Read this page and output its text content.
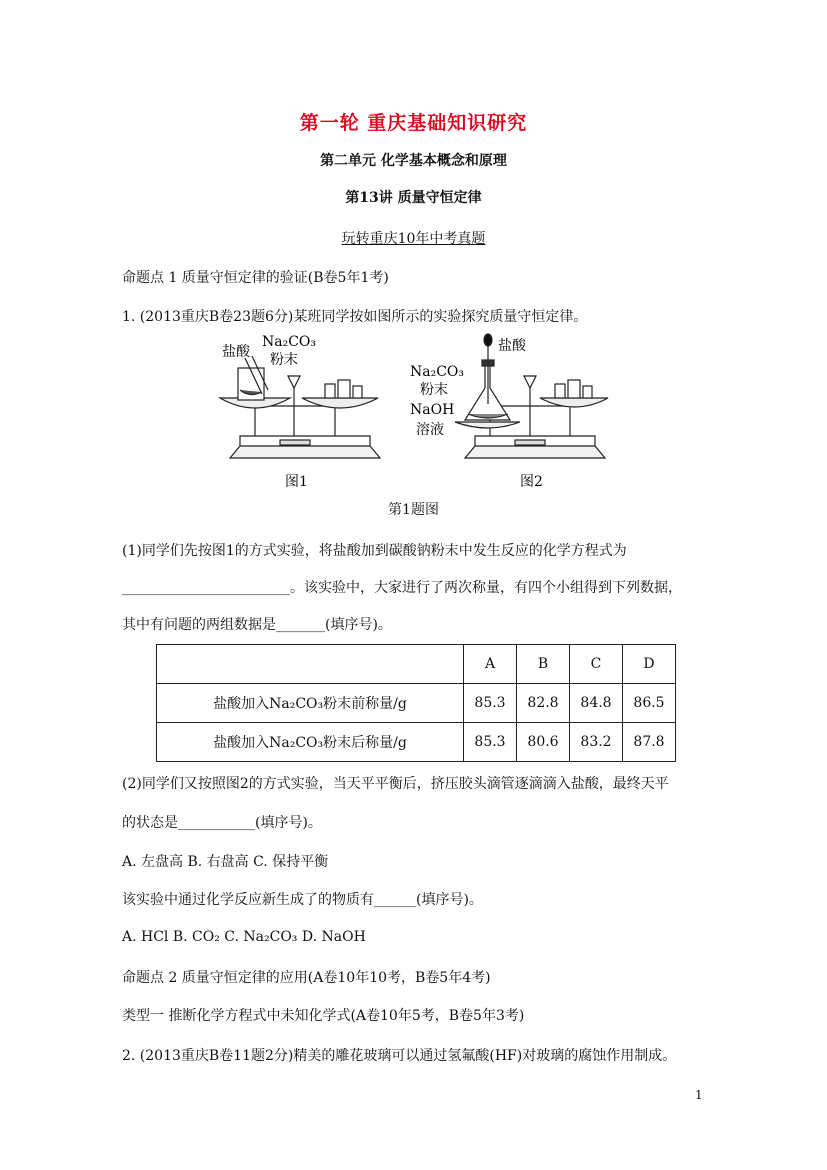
第一轮 重庆基础知识研究
第二单元 化学基本概念和原理
第13讲 质量守恒定律
玩转重庆10年中考真题
命题点 1 质量守恒定律的验证(B卷5年1考)
1. (2013重庆B卷23题6分)某班同学按如图所示的实验探究质量守恒定律。
盐酸
Na₂CO₃
粉末
图1
盐酸
Na₂CO₃
粉末
NaOH
溶液
图2
第1题图
(1)同学们先按图1的方式实验，将盐酸加到碳酸钠粉末中发生反应的化学方程式为
________________________。该实验中，大家进行了两次称量，有四个小组得到下列数据，
其中有问题的两组数据是_______(填序号)。
	A	B	C	D
盐酸加入Na₂CO₃粉末前称量/g	85.3	82.8	84.8	86.5
盐酸加入Na₂CO₃粉末后称量/g	85.3	80.6	83.2	87.8
(2)同学们又按照图2的方式实验，当天平平衡后，挤压胶头滴管逐滴滴入盐酸，最终天平
的状态是___________(填序号)。
A. 左盘高 B. 右盘高 C. 保持平衡
该实验中通过化学反应新生成了的物质有______(填序号)。
A. HCl B. CO₂ C. Na₂CO₃ D. NaOH
命题点 2 质量守恒定律的应用(A卷10年10考，B卷5年4考)
类型一 推断化学方程式中未知化学式(A卷10年5考，B卷5年3考)
2. (2013重庆B卷11题2分)精美的雕花玻璃可以通过氢氟酸(HF)对玻璃的腐蚀作用制成。
1
